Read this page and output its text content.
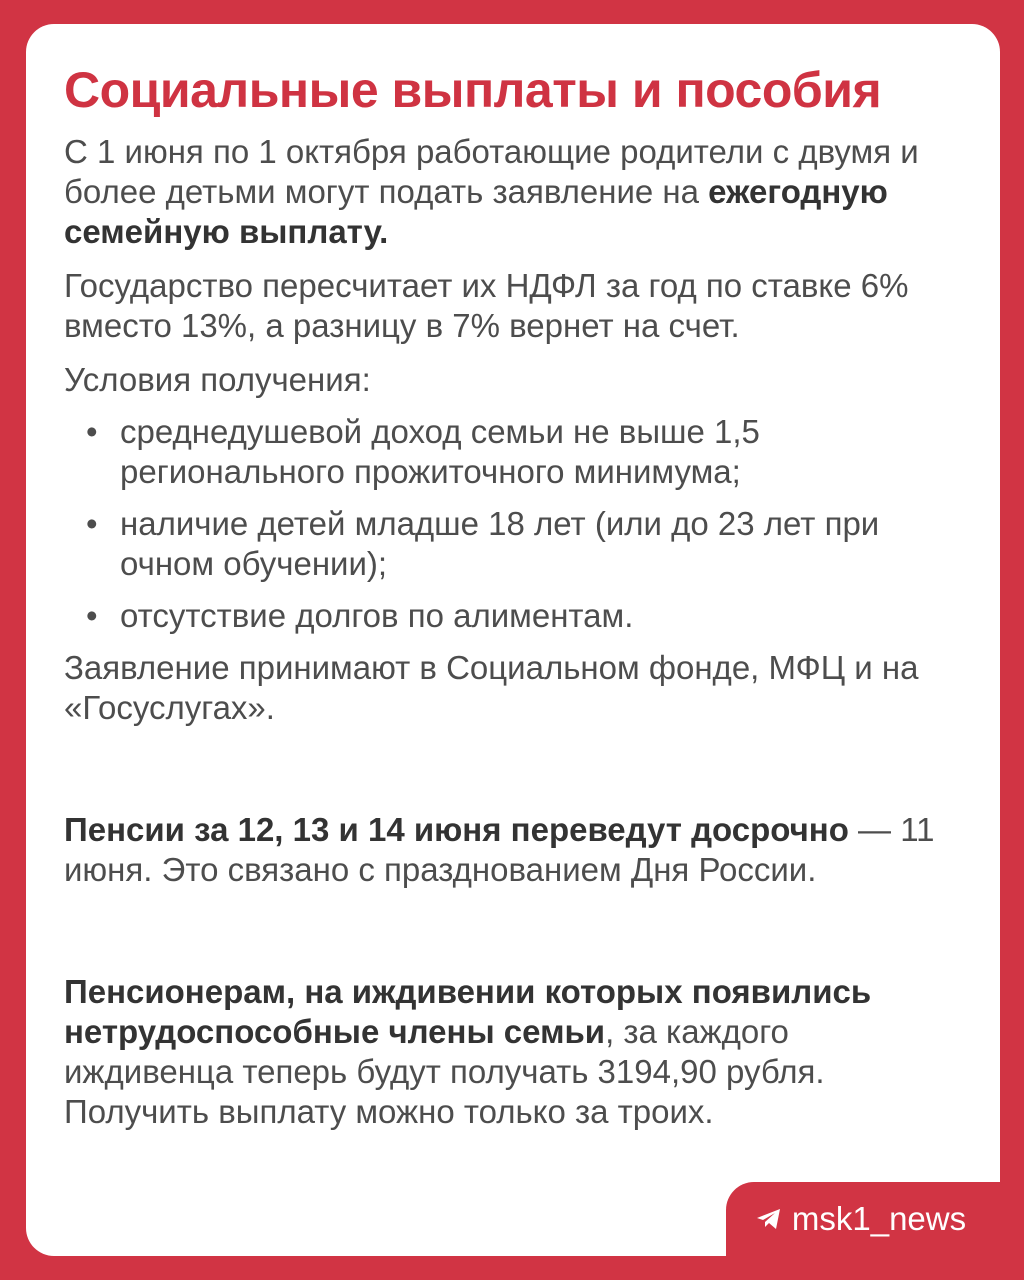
Социальные выплаты и пособия

С 1 июня по 1 октября работающие родители с двумя и более детьми могут подать заявление на ежегодную семейную выплату.

Государство пересчитает их НДФЛ за год по ставке 6% вместо 13%, а разницу в 7% вернет на счет.

Условия получения:

• среднедушевой доход семьи не выше 1,5 регионального прожиточного минимума;
• наличие детей младше 18 лет (или до 23 лет при очном обучении);
• отсутствие долгов по алиментам.

Заявление принимают в Социальном фонде, МФЦ и на «Госуслугах».

Пенсии за 12, 13 и 14 июня переведут досрочно — 11 июня. Это связано с празднованием Дня России.

Пенсионерам, на иждивении которых появились нетрудоспособные члены семьи, за каждого иждивенца теперь будут получать 3194,90 рубля. Получить выплату можно только за троих.

msk1_news
